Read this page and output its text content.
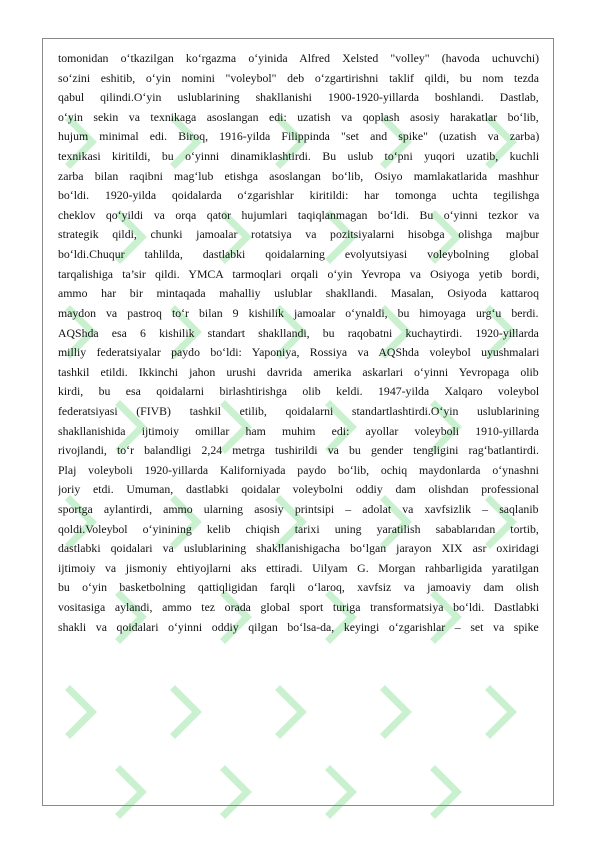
tomonidan o‘tkazilgan ko‘rgazma o‘yinida Alfred Xelsted "volley" (havoda uchuvchi)
so‘zini eshitib, o‘yin nomini "voleybol" deb o‘zgartirishni taklif qildi, bu nom tezda
qabul qilindi.O‘yin uslublarining shakllanishi 1900-1920-yillarda boshlandi. Dastlab,
o‘yin sekin va texnikaga asoslangan edi: uzatish va qoplash asosiy harakatlar bo‘lib,
hujum minimal edi. Biroq, 1916-yilda Filippinda "set and spike" (uzatish va zarba)
texnikasi kiritildi, bu o‘yinni dinamiklashtirdi. Bu uslub to‘pni yuqori uzatib, kuchli
zarba bilan raqibni mag‘lub etishga asoslangan bo‘lib, Osiyo mamlakatlarida mashhur
bo‘ldi. 1920-yilda qoidalarda o‘zgarishlar kiritildi: har tomonga uchta tegilishga
cheklov qo‘yildi va orqa qator hujumlari taqiqlanmagan bo‘ldi. Bu o‘yinni tezkor va
strategik qildi, chunki jamoalar rotatsiya va pozitsiyalarni hisobga olishga majbur
bo‘ldi.Chuqur tahlilda, dastlabki qoidalarning evolyutsiyasi voleybolning global
tarqalishiga ta’sir qildi. YMCA tarmoqlari orqali o‘yin Yevropa va Osiyoga yetib bordi,
ammo har bir mintaqada mahalliy uslublar shakllandi. Masalan, Osiyoda kattaroq
maydon va pastroq to‘r bilan 9 kishilik jamoalar o‘ynaldi, bu himoyaga urg‘u berdi.
AQShda esa 6 kishilik standart shakllandi, bu raqobatni kuchaytirdi. 1920-yillarda
milliy federatsiyalar paydo bo‘ldi: Yaponiya, Rossiya va AQShda voleybol uyushmalari
tashkil etildi. Ikkinchi jahon urushi davrida amerika askarlari o‘yinni Yevropaga olib
kirdi, bu esa qoidalarni birlashtirishga olib keldi. 1947-yilda Xalqaro voleybol
federatsiyasi (FIVB) tashkil etilib, qoidalarni standartlashtirdi.O‘yin uslublarining
shakllanishida ijtimoiy omillar ham muhim edi: ayollar voleyboli 1910-yillarda
rivojlandi, to‘r balandligi 2,24 metrga tushirildi va bu gender tengligini rag‘batlantirdi.
Plaj voleyboli 1920-yillarda Kaliforniyada paydo bo‘lib, ochiq maydonlarda o‘ynashni
joriy etdi. Umuman, dastlabki qoidalar voleybolni oddiy dam olishdan professional
sportga aylantirdi, ammo ularning asosiy printsipi – adolat va xavfsizlik – saqlanib
qoldi.Voleybol o‘yinining kelib chiqish tarixi uning yaratilish sabablarıdan tortib,
dastlabki qoidalari va uslublarining shakllanishigacha bo‘lgan jarayon XIX asr oxiridagi
ijtimoiy va jismoniy ehtiyojlarni aks ettiradi. Uilyam G. Morgan rahbarligida yaratilgan
bu o‘yin basketbolning qattiqligidan farqli o‘laroq, xavfsiz va jamoaviy dam olish
vositasiga aylandi, ammo tez orada global sport turiga transformatsiya bo‘ldi. Dastlabki
shakli va qoidalari o‘yinni oddiy qilgan bo‘lsa-da, keyingi o‘zgarishlar – set va spike
